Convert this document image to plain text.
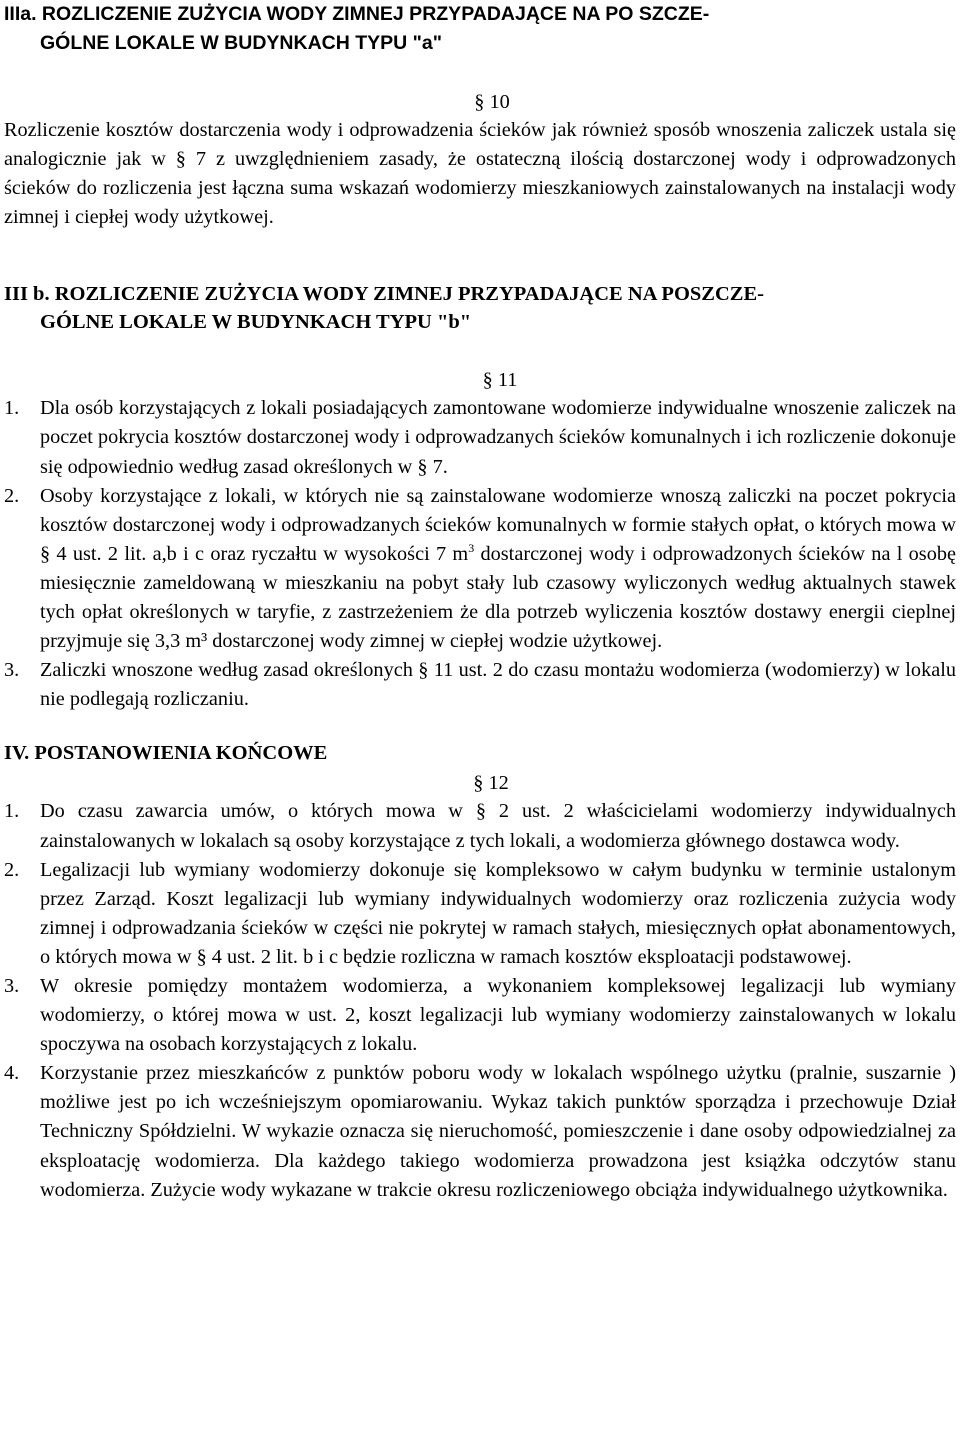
IIIa. ROZLICZENIE ZUŻYCIA WODY ZIMNEJ PRZYPADAJĄCE NA PO SZCZE-
GÓLNE LOKALE W BUDYNKACH TYPU "a"
§ 10
Rozliczenie kosztów dostarczenia wody i odprowadzenia ścieków jak również sposób wnoszenia zaliczek ustala się analogicznie jak w § 7 z uwzględnieniem zasady, że ostateczną ilością dostarczonej wody i odprowadzonych ścieków do rozliczenia jest łączna suma wskazań wodomierzy mieszkaniowych zainstalowanych na instalacji wody zimnej i ciepłej wody użytkowej.
III b. ROZLICZENIE ZUŻYCIA WODY ZIMNEJ PRZYPADAJĄCE NA POSZCZE-
GÓLNE LOKALE W BUDYNKACH TYPU "b"
§ 11
1. Dla osób korzystających z lokali posiadających zamontowane wodomierze indywidualne wnoszenie zaliczek na poczet pokrycia kosztów dostarczonej wody i odprowadzanych ścieków komunalnych i ich rozliczenie dokonuje się odpowiednio według zasad określonych w § 7.
2. Osoby korzystające z lokali, w których nie są zainstalowane wodomierze wnoszą zaliczki na poczet pokrycia kosztów dostarczonej wody i odprowadzanych ścieków komunalnych w formie stałych opłat, o których mowa w § 4 ust. 2 lit. a,b i c oraz ryczałtu w wysokości 7 $m^3$ dostarczonej wody i odprowadzonych ścieków na l osobę miesięcznie zameldowaną w mieszkaniu na pobyt stały lub czasowy wyliczonych według aktualnych stawek tych opłat określonych w taryfie, z zastrzeżeniem że dla potrzeb wyliczenia kosztów dostawy energii cieplnej przyjmuje się 3,3 m³ dostarczonej wody zimnej w ciepłej wodzie użytkowej.
3. Zaliczki wnoszone według zasad określonych § 11 ust. 2 do czasu montażu wodomierza (wodomierzy) w lokalu nie podlegają rozliczaniu.
IV. POSTANOWIENIA KOŃCOWE
§ 12
1. Do czasu zawarcia umów, o których mowa w § 2 ust. 2 właścicielami wodomierzy indywidualnych zainstalowanych w lokalach są osoby korzystające z tych lokali, a wodomierza głównego dostawca wody.
2. Legalizacji lub wymiany wodomierzy dokonuje się kompleksowo w całym budynku w terminie ustalonym przez Zarząd. Koszt legalizacji lub wymiany indywidualnych wodomierzy oraz rozliczenia zużycia wody zimnej i odprowadzania ścieków w części nie pokrytej w ramach stałych, miesięcznych opłat abonamentowych, o których mowa w § 4 ust. 2 lit. b i c będzie rozliczna w ramach kosztów eksploatacji podstawowej.
3. W okresie pomiędzy montażem wodomierza, a wykonaniem kompleksowej legalizacji lub wymiany wodomierzy, o której mowa w ust. 2, koszt legalizacji lub wymiany wodomierzy zainstalowanych w lokalu spoczywa na osobach korzystających z lokalu.
4. Korzystanie przez mieszkańców z punktów poboru wody w lokalach wspólnego użytku (pralnie, suszarnie ) możliwe jest po ich wcześniejszym opomiarowaniu. Wykaz takich punktów sporządza i przechowuje Dział Techniczny Spółdzielni. W wykazie oznacza się nieruchomość, pomieszczenie i dane osoby odpowiedzialnej za eksploatację wodomierza. Dla każdego takiego wodomierza prowadzona jest książka odczytów stanu wodomierza. Zużycie wody wykazane w trakcie okresu rozliczeniowego obciąża indywidualnego użytkownika.
